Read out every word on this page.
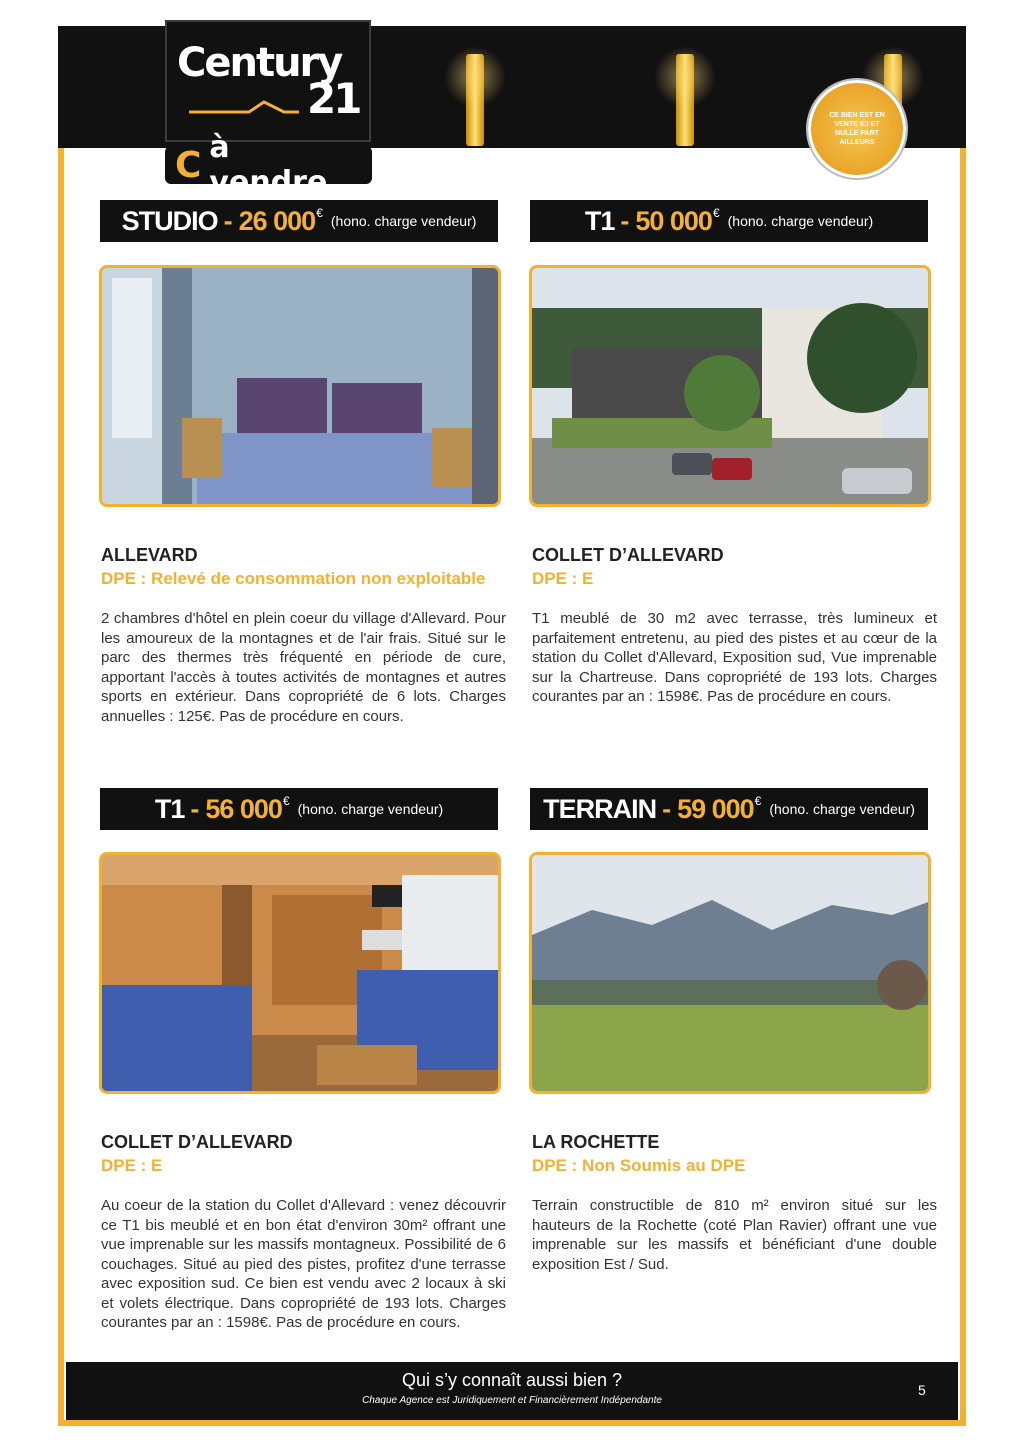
Century
21
C à vendre...
CE BIEN EST EN VENTE ICI ET NULLE PART AILLEURS
STUDIO - 26 000 € (hono. charge vendeur)
ALLEVARD
DPE : Relevé de consommation non exploitable
2 chambres d'hôtel en plein coeur du village d'Allevard. Pour les amoureux de la montagnes et de l'air frais. Situé sur le parc des thermes très fréquenté en période de cure, apportant l'accès à toutes activités de montagnes et autres sports en extérieur. Dans copropriété de 6 lots. Charges annuelles : 125€. Pas de procédure en cours.
T1 - 50 000 € (hono. charge vendeur)
COLLET D’ALLEVARD
DPE : E
T1 meublé de 30 m2 avec terrasse, très lumineux et parfaitement entretenu, au pied des pistes et au cœur de la station du Collet d'Allevard, Exposition sud, Vue imprenable sur la Chartreuse. Dans copropriété de 193 lots. Charges courantes par an : 1598€. Pas de procédure en cours.
T1 - 56 000 € (hono. charge vendeur)
COLLET D’ALLEVARD
DPE : E
Au coeur de la station du Collet d'Allevard : venez découvrir ce T1 bis meublé et en bon état d'environ 30m² offrant une vue imprenable sur les massifs montagneux. Possibilité de 6 couchages. Situé au pied des pistes, profitez d'une terrasse avec exposition sud. Ce bien est vendu avec 2 locaux à ski et volets électrique. Dans copropriété de 193 lots. Charges courantes par an : 1598€. Pas de procédure en cours.
TERRAIN - 59 000 € (hono. charge vendeur)
LA ROCHETTE
DPE : Non Soumis au DPE
Terrain constructible de 810 m² environ situé sur les hauteurs de la Rochette (coté Plan Ravier) offrant une vue imprenable sur les massifs et bénéficiant d'une double exposition Est / Sud.
Qui s’y connaît aussi bien ?
Chaque Agence est Juridiquement et Financièrement Indépendante
5
